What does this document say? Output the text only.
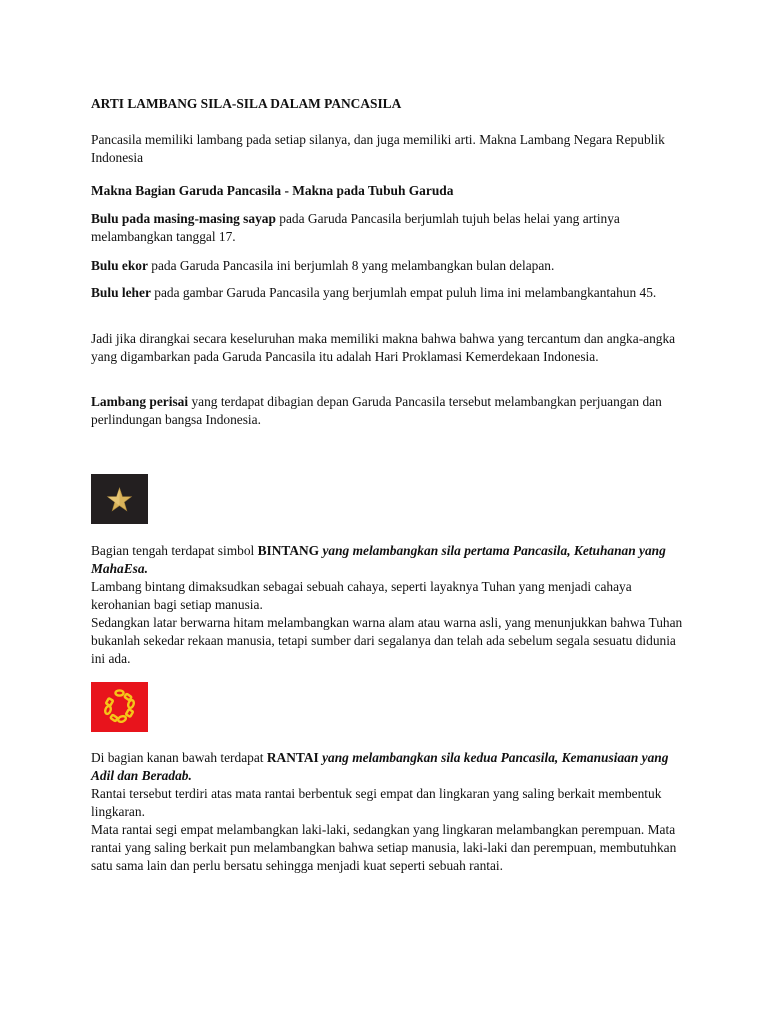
ARTI LAMBANG SILA-SILA DALAM PANCASILA

Pancasila memiliki lambang pada setiap silanya, dan juga memiliki arti. Makna Lambang Negara Republik Indonesia

Makna Bagian Garuda Pancasila - Makna pada Tubuh Garuda

Bulu pada masing-masing sayap pada Garuda Pancasila berjumlah tujuh belas helai yang artinya melambangkan tanggal 17.

Bulu ekor pada Garuda Pancasila ini berjumlah 8 yang melambangkan bulan delapan.

Bulu leher pada gambar Garuda Pancasila yang berjumlah empat puluh lima ini melambangkantahun 45.

Jadi jika dirangkai secara keseluruhan maka memiliki makna bahwa bahwa yang tercantum dan angka-angka yang digambarkan pada Garuda Pancasila itu adalah Hari Proklamasi Kemerdekaan Indonesia.

Lambang perisai yang terdapat dibagian depan Garuda Pancasila tersebut melambangkan perjuangan dan perlindungan bangsa Indonesia.

Bagian tengah terdapat simbol BINTANG yang melambangkan sila pertama Pancasila, Ketuhanan yang MahaEsa.

Lambang bintang dimaksudkan sebagai sebuah cahaya, seperti layaknya Tuhan yang menjadi cahaya kerohanian bagi setiap manusia.

Sedangkan latar berwarna hitam melambangkan warna alam atau warna asli, yang menunjukkan bahwa Tuhan bukanlah sekedar rekaan manusia, tetapi sumber dari segalanya dan telah ada sebelum segala sesuatu didunia ini ada.

Di bagian kanan bawah terdapat RANTAI yang melambangkan sila kedua Pancasila, Kemanusiaan yang Adil dan Beradab.

Rantai tersebut terdiri atas mata rantai berbentuk segi empat dan lingkaran yang saling berkait membentuk lingkaran.

Mata rantai segi empat melambangkan laki-laki, sedangkan yang lingkaran melambangkan perempuan. Mata rantai yang saling berkait pun melambangkan bahwa setiap manusia, laki-laki dan perempuan, membutuhkan satu sama lain dan perlu bersatu sehingga menjadi kuat seperti sebuah rantai.
